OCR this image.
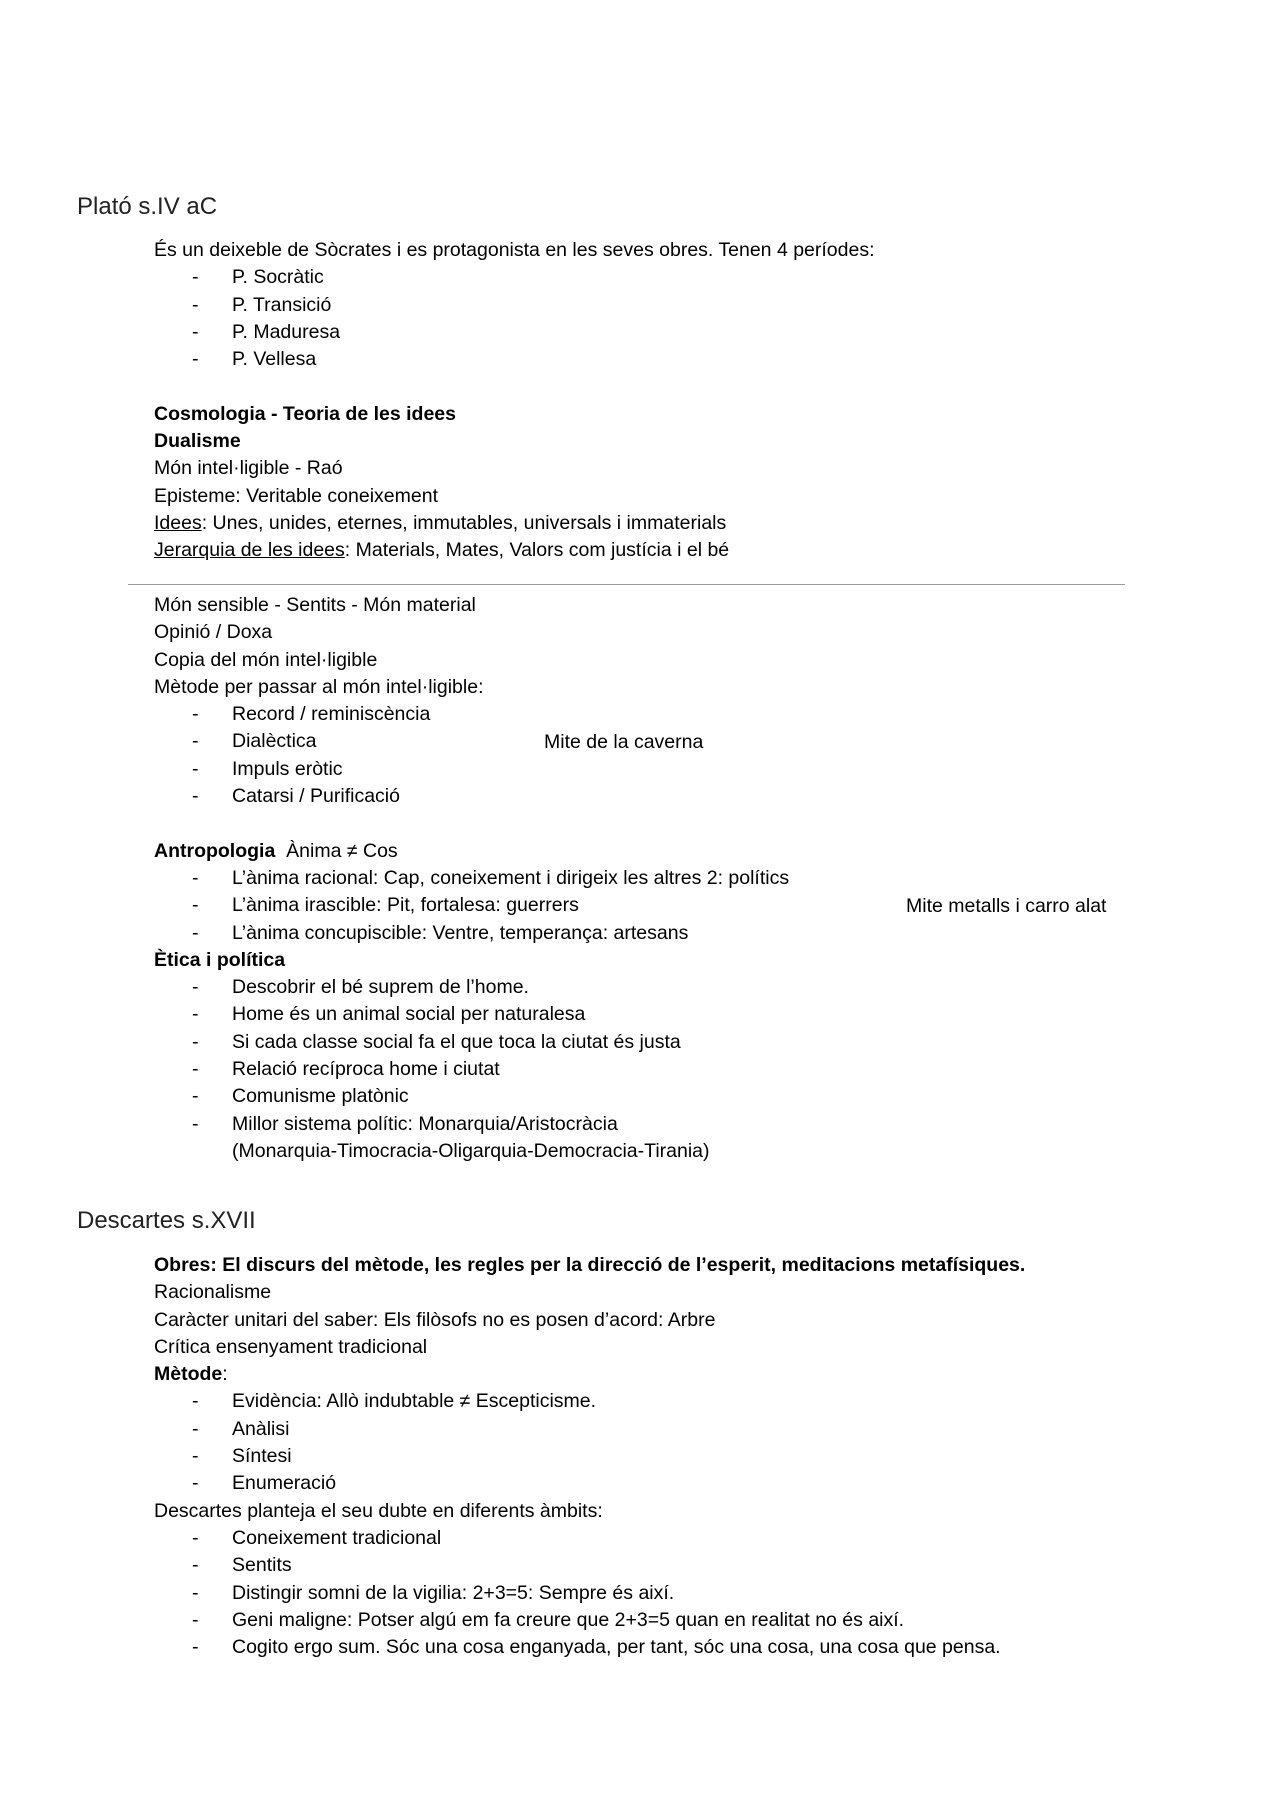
Plató s.IV aC
És un deixeble de Sòcrates i es protagonista en les seves obres. Tenen 4 períodes:
- P. Socràtic
- P. Transició
- P. Maduresa
- P. Vellesa
Cosmologia - Teoria de les idees
Dualisme
Món intel·ligible - Raó
Episteme: Veritable coneixement
Idees: Unes, unides, eternes, immutables, universals i immaterials
Jerarquia de les idees: Materials, Mates, Valors com justícia i el bé
Món sensible - Sentits - Món material
Opinió / Doxa
Copia del món intel·ligible
Mètode per passar al món intel·ligible:
- Record / reminiscència
- Dialèctica
- Impuls eròtic
- Catarsi / Purificació
Antropologia Ànima ≠ Cos
- L’ànima racional: Cap, coneixement i dirigeix les altres 2: polítics
- L’ànima irascible: Pit, fortalesa: guerrers
- L’ànima concupiscible: Ventre, temperança: artesans
Ètica i política
- Descobrir el bé suprem de l’home.
- Home és un animal social per naturalesa
- Si cada classe social fa el que toca la ciutat és justa
- Relació recíproca home i ciutat
- Comunisme platònic
- Millor sistema polític: Monarquia/Aristocràcia
(Monarquia-Timocracia-Oligarquia-Democracia-Tirania)
Mite de la caverna
Mite metalls i carro alat
Descartes s.XVII
Obres: El discurs del mètode, les regles per la direcció de l’esperit, meditacions metafísiques.
Racionalisme
Caràcter unitari del saber: Els filòsofs no es posen d’acord: Arbre
Crítica ensenyament tradicional
Mètode:
- Evidència: Allò indubtable ≠ Escepticisme.
- Anàlisi
- Síntesi
- Enumeració
Descartes planteja el seu dubte en diferents àmbits:
- Coneixement tradicional
- Sentits
- Distingir somni de la vigilia: 2+3=5: Sempre és així.
- Geni maligne: Potser algú em fa creure que 2+3=5 quan en realitat no és així.
- Cogito ergo sum. Sóc una cosa enganyada, per tant, sóc una cosa, una cosa que pensa.
